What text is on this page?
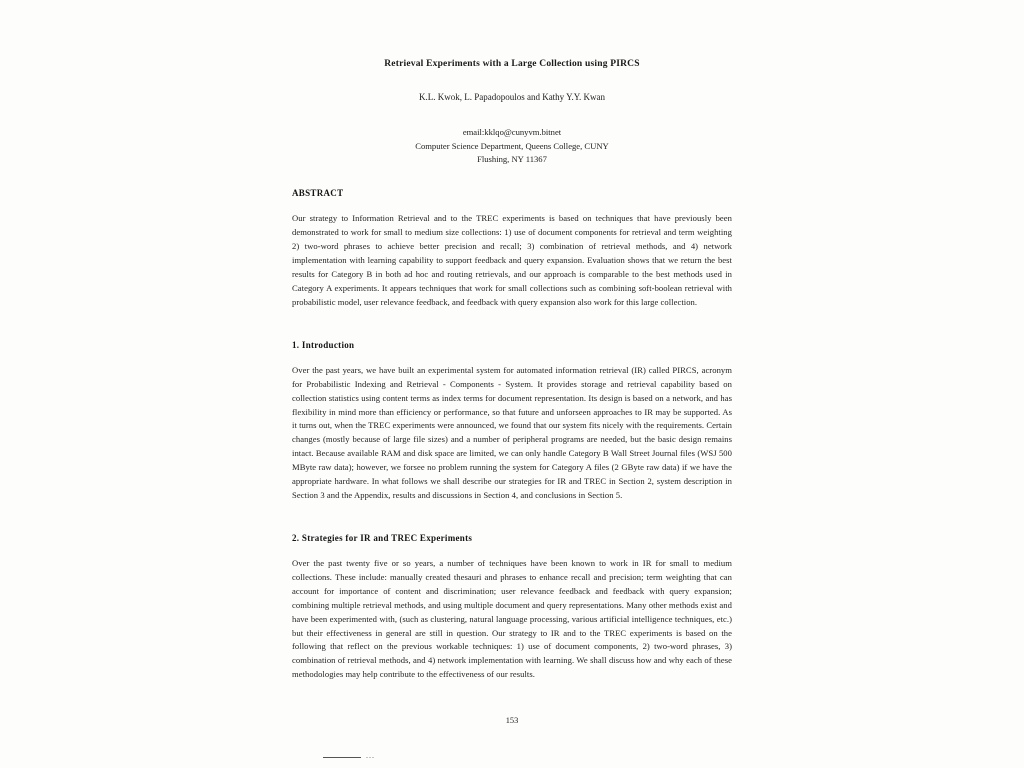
Retrieval Experiments with a Large Collection using PIRCS
K.L. Kwok, L. Papadopoulos and Kathy Y.Y. Kwan
email:kklqo@cunyvm.bitnet
Computer Science Department, Queens College, CUNY
Flushing, NY 11367
ABSTRACT

Our strategy to Information Retrieval and to the TREC experiments is based on techniques that have previously been demonstrated to work for small to medium size collections: 1) use of document components for retrieval and term weighting 2) two-word phrases to achieve better precision and recall; 3) combination of retrieval methods, and 4) network implementation with learning capability to support feedback and query expansion. Evaluation shows that we return the best results for Category B in both ad hoc and routing retrievals, and our approach is comparable to the best methods used in Category A experiments. It appears techniques that work for small collections such as combining soft-boolean retrieval with probabilistic model, user relevance feedback, and feedback with query expansion also work for this large collection.

1. Introduction

Over the past years, we have built an experimental system for automated information retrieval (IR) called PIRCS, acronym for Probabilistic Indexing and Retrieval - Components - System. It provides storage and retrieval capability based on collection statistics using content terms as index terms for document representation. Its design is based on a network, and has flexibility in mind more than efficiency or performance, so that future and unforseen approaches to IR may be supported. As it turns out, when the TREC experiments were announced, we found that our system fits nicely with the requirements. Certain changes (mostly because of large file sizes) and a number of peripheral programs are needed, but the basic design remains intact. Because available RAM and disk space are limited, we can only handle Category B Wall Street Journal files (WSJ 500 MByte raw data); however, we forsee no problem running the system for Category A files (2 GByte raw data) if we have the appropriate hardware. In what follows we shall describe our strategies for IR and TREC in Section 2, system description in Section 3 and the Appendix, results and discussions in Section 4, and conclusions in Section 5.

2. Strategies for IR and TREC Experiments

Over the past twenty five or so years, a number of techniques have been known to work in IR for small to medium collections. These include: manually created thesauri and phrases to enhance recall and precision; term weighting that can account for importance of content and discrimination; user relevance feedback and feedback with query expansion; combining multiple retrieval methods, and using multiple document and query representations. Many other methods exist and have been experimented with, (such as clustering, natural language processing, various artificial intelligence techniques, etc.) but their effectiveness in general are still in question. Our strategy to IR and to the TREC experiments is based on the following that reflect on the previous workable techniques: 1) use of document components, 2) two-word phrases, 3) combination of retrieval methods, and 4) network implementation with learning. We shall discuss how and why each of these methodologies may help contribute to the effectiveness of our results.

153
...
